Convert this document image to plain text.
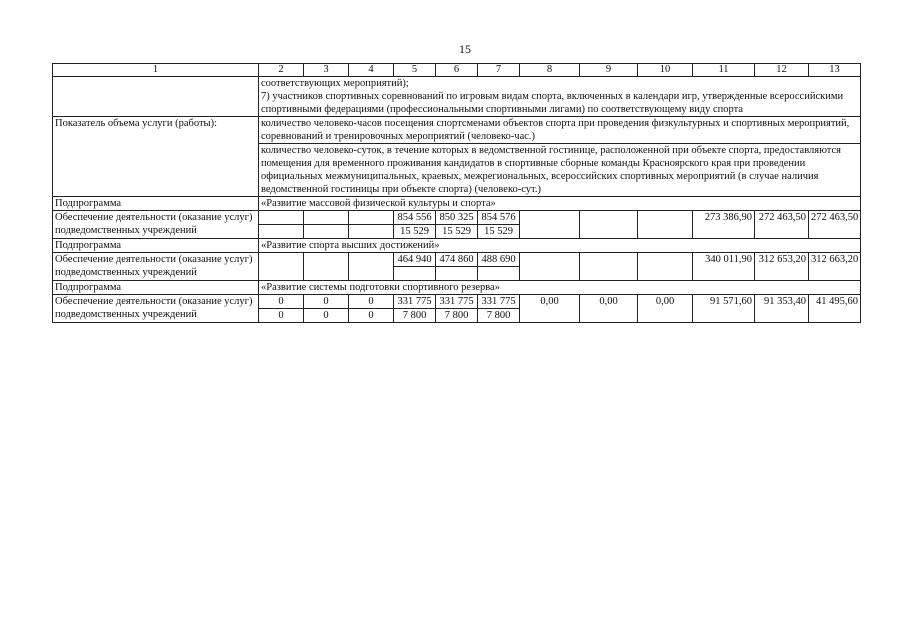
15
1	2	3	4	5	6	7	8	9	10	11	12	13

	соответствующих мероприятий);
7) участников спортивных соревнований по игровым видам спорта, включенных в календари игр, утвержденные всероссийскими спортивными федерациями (профессиональными спортивными лигами) по соответствующему виду спорта											

Показатель объема услуги (работы):	количество человеко-часов посещения спортсменами объектов спорта при проведения физкультурных и спортивных мероприятий, соревнований и тренировочных мероприятий (человеко-час.)											
	количество человеко-суток, в течение которых в ведомственной гостинице, расположенной при объекте спорта, предоставляются помещения для временного проживания кандидатов в спортивные сборные команды Красноярского края при проведении официальных межмуниципальных, краевых, межрегиональных, всероссийских спортивных мероприятий (в случае наличия ведомственной гостиницы при объекте спорта) (человеко-сут.)											
Подпрограмма	«Развитие массовой физической культуры и спорта»											
Обеспечение деятельности (оказание услуг) подведомственных учреждений				854 556	850 325	854 576				273 386,90	272 463,50	272 463,50
				15 529	15 529	15 529						
Подпрограмма	«Развитие спорта высших достижений»											
Обеспечение деятельности (оказание услуг) подведомственных учреждений				464 940	474 860	488 690				340 011,90	312 653,20	312 663,20

Подпрограмма	«Развитие системы подготовки спортивного резерва»											
Обеспечение деятельности (оказание услуг) подведомственных учреждений	0	0	0	331 775	331 775	331 775	0,00	0,00	0,00	91 571,60	91 353,40	41 495,60
	0	0	0	7 800	7 800	7 800						
